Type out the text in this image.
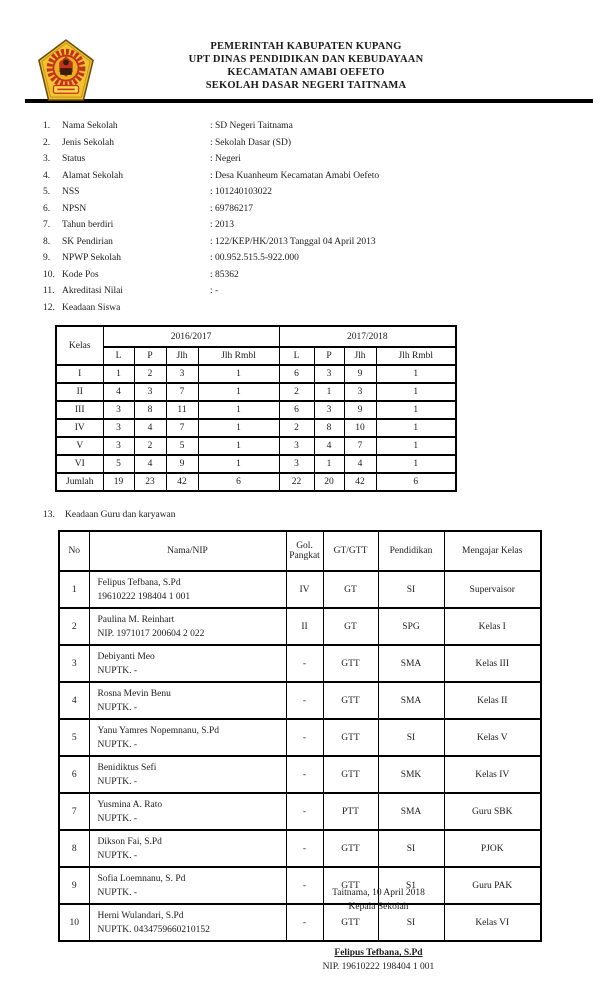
PEMERINTAH KABUPATEN KUPANG
UPT DINAS PENDIDIKAN DAN KEBUDAYAAN
KECAMATAN AMABI OEFETO
SEKOLAH DASAR NEGERI TAITNAMA
1.	Nama Sekolah	: SD Negeri Taitnama
2.	Jenis Sekolah	: Sekolah Dasar (SD)
3.	Status	: Negeri
4.	Alamat Sekolah	: Desa Kuanheum Kecamatan Amabi Oefeto
5.	NSS	: 101240103022
6.	NPSN	: 69786217
7.	Tahun berdiri	: 2013
8.	SK Pendirian	: 122/KEP/HK/2013 Tanggal 04 April 2013
9.	NPWP Sekolah	: 00.952.515.5-922.000
10. Kode Pos	: 85362
11. Akreditasi Nilai	: -
12. Keadaan Siswa
Kelas	2016/2017				2017/2018			
	L	P	Jlh	Jlh Rmbl	L	P	Jlh	Jlh Rmbl
I	1	2	3	1	6	3	9	1
II	4	3	7	1	2	1	3	1
III	3	8	11	1	6	3	9	1
IV	3	4	7	1	2	8	10	1
V	3	2	5	1	3	4	7	1
VI	5	4	9	1	3	1	4	1
Jumlah	19	23	42	6	22	20	42	6
13.	Keadaan Guru dan karyawan
No	Nama/NIP	Gol. Pangkat	GT/GTT	Pendidikan	Mengajar Kelas
1	Felipus Tefbana, S.Pd
19610222 198404 1 001	IV	GT	SI	Supervaisor
2	Paulina M. Reinhart
NIP. 1971017 200604 2 022	II	GT	SPG	Kelas I
3	Debiyanti Meo
NUPTK. -	-	GTT	SMA	Kelas III
4	Rosna Mevin Benu
NUPTK. -	-	GTT	SMA	Kelas II
5	Yanu Yamres Nopemnanu, S.Pd
NUPTK. -	-	GTT	SI	Kelas V
6	Benidiktus Sefi
NUPTK. -	-	GTT	SMK	Kelas IV
7	Yusmina A. Rato
NUPTK. -	-	PTT	SMA	Guru SBK
8	Dikson Fai, S.Pd
NUPTK. -	-	GTT	SI	PJOK
9	Sofia Loemnanu, S. Pd
NUPTK. -	-	GTT	S1	Guru PAK
10	Herni Wulandari, S.Pd
NUPTK. 0434759660210152	-	GTT	SI	Kelas VI
Taitnama, 10 April 2018
Kepala Sekolah
Felipus Tefbana, S.Pd
NIP. 19610222 198404 1 001
